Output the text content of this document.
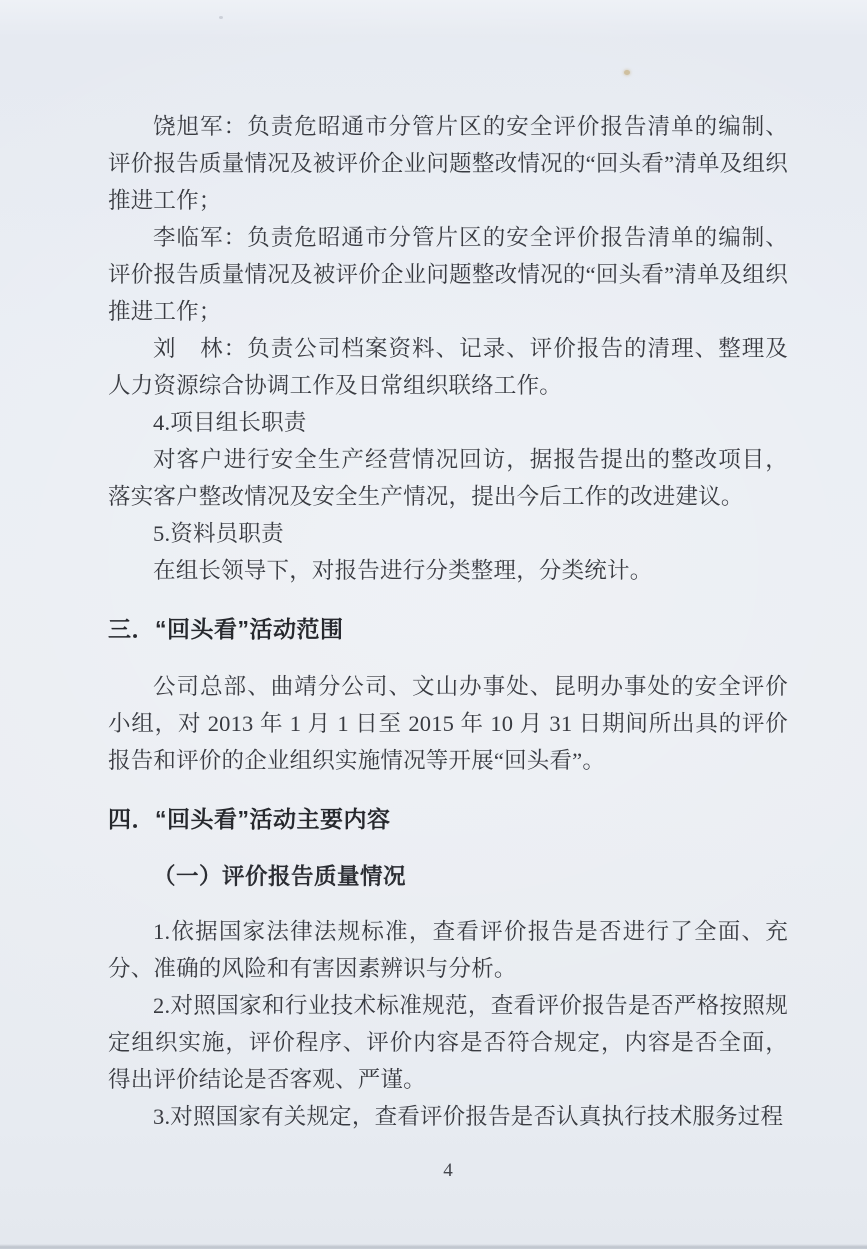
饶旭军：负责危昭通市分管片区的安全评价报告清单的编制、评价报告质量情况及被评价企业问题整改情况的“回头看”清单及组织推进工作；

李临军：负责危昭通市分管片区的安全评价报告清单的编制、评价报告质量情况及被评价企业问题整改情况的“回头看”清单及组织推进工作；

刘　林：负责公司档案资料、记录、评价报告的清理、整理及人力资源综合协调工作及日常组织联络工作。

4.项目组长职责

对客户进行安全生产经营情况回访，据报告提出的整改项目，落实客户整改情况及安全生产情况，提出今后工作的改进建议。

5.资料员职责

在组长领导下，对报告进行分类整理，分类统计。

三．“回头看”活动范围

公司总部、曲靖分公司、文山办事处、昆明办事处的安全评价小组，对 2013 年 1 月 1 日至 2015 年 10 月 31 日期间所出具的评价报告和评价的企业组织实施情况等开展“回头看”。

四．“回头看”活动主要内容
（一）评价报告质量情况

1.依据国家法律法规标准，查看评价报告是否进行了全面、充分、准确的风险和有害因素辨识与分析。

2.对照国家和行业技术标准规范，查看评价报告是否严格按照规定组织实施，评价程序、评价内容是否符合规定，内容是否全面，得出评价结论是否客观、严谨。

3.对照国家有关规定，查看评价报告是否认真执行技术服务过程

4
